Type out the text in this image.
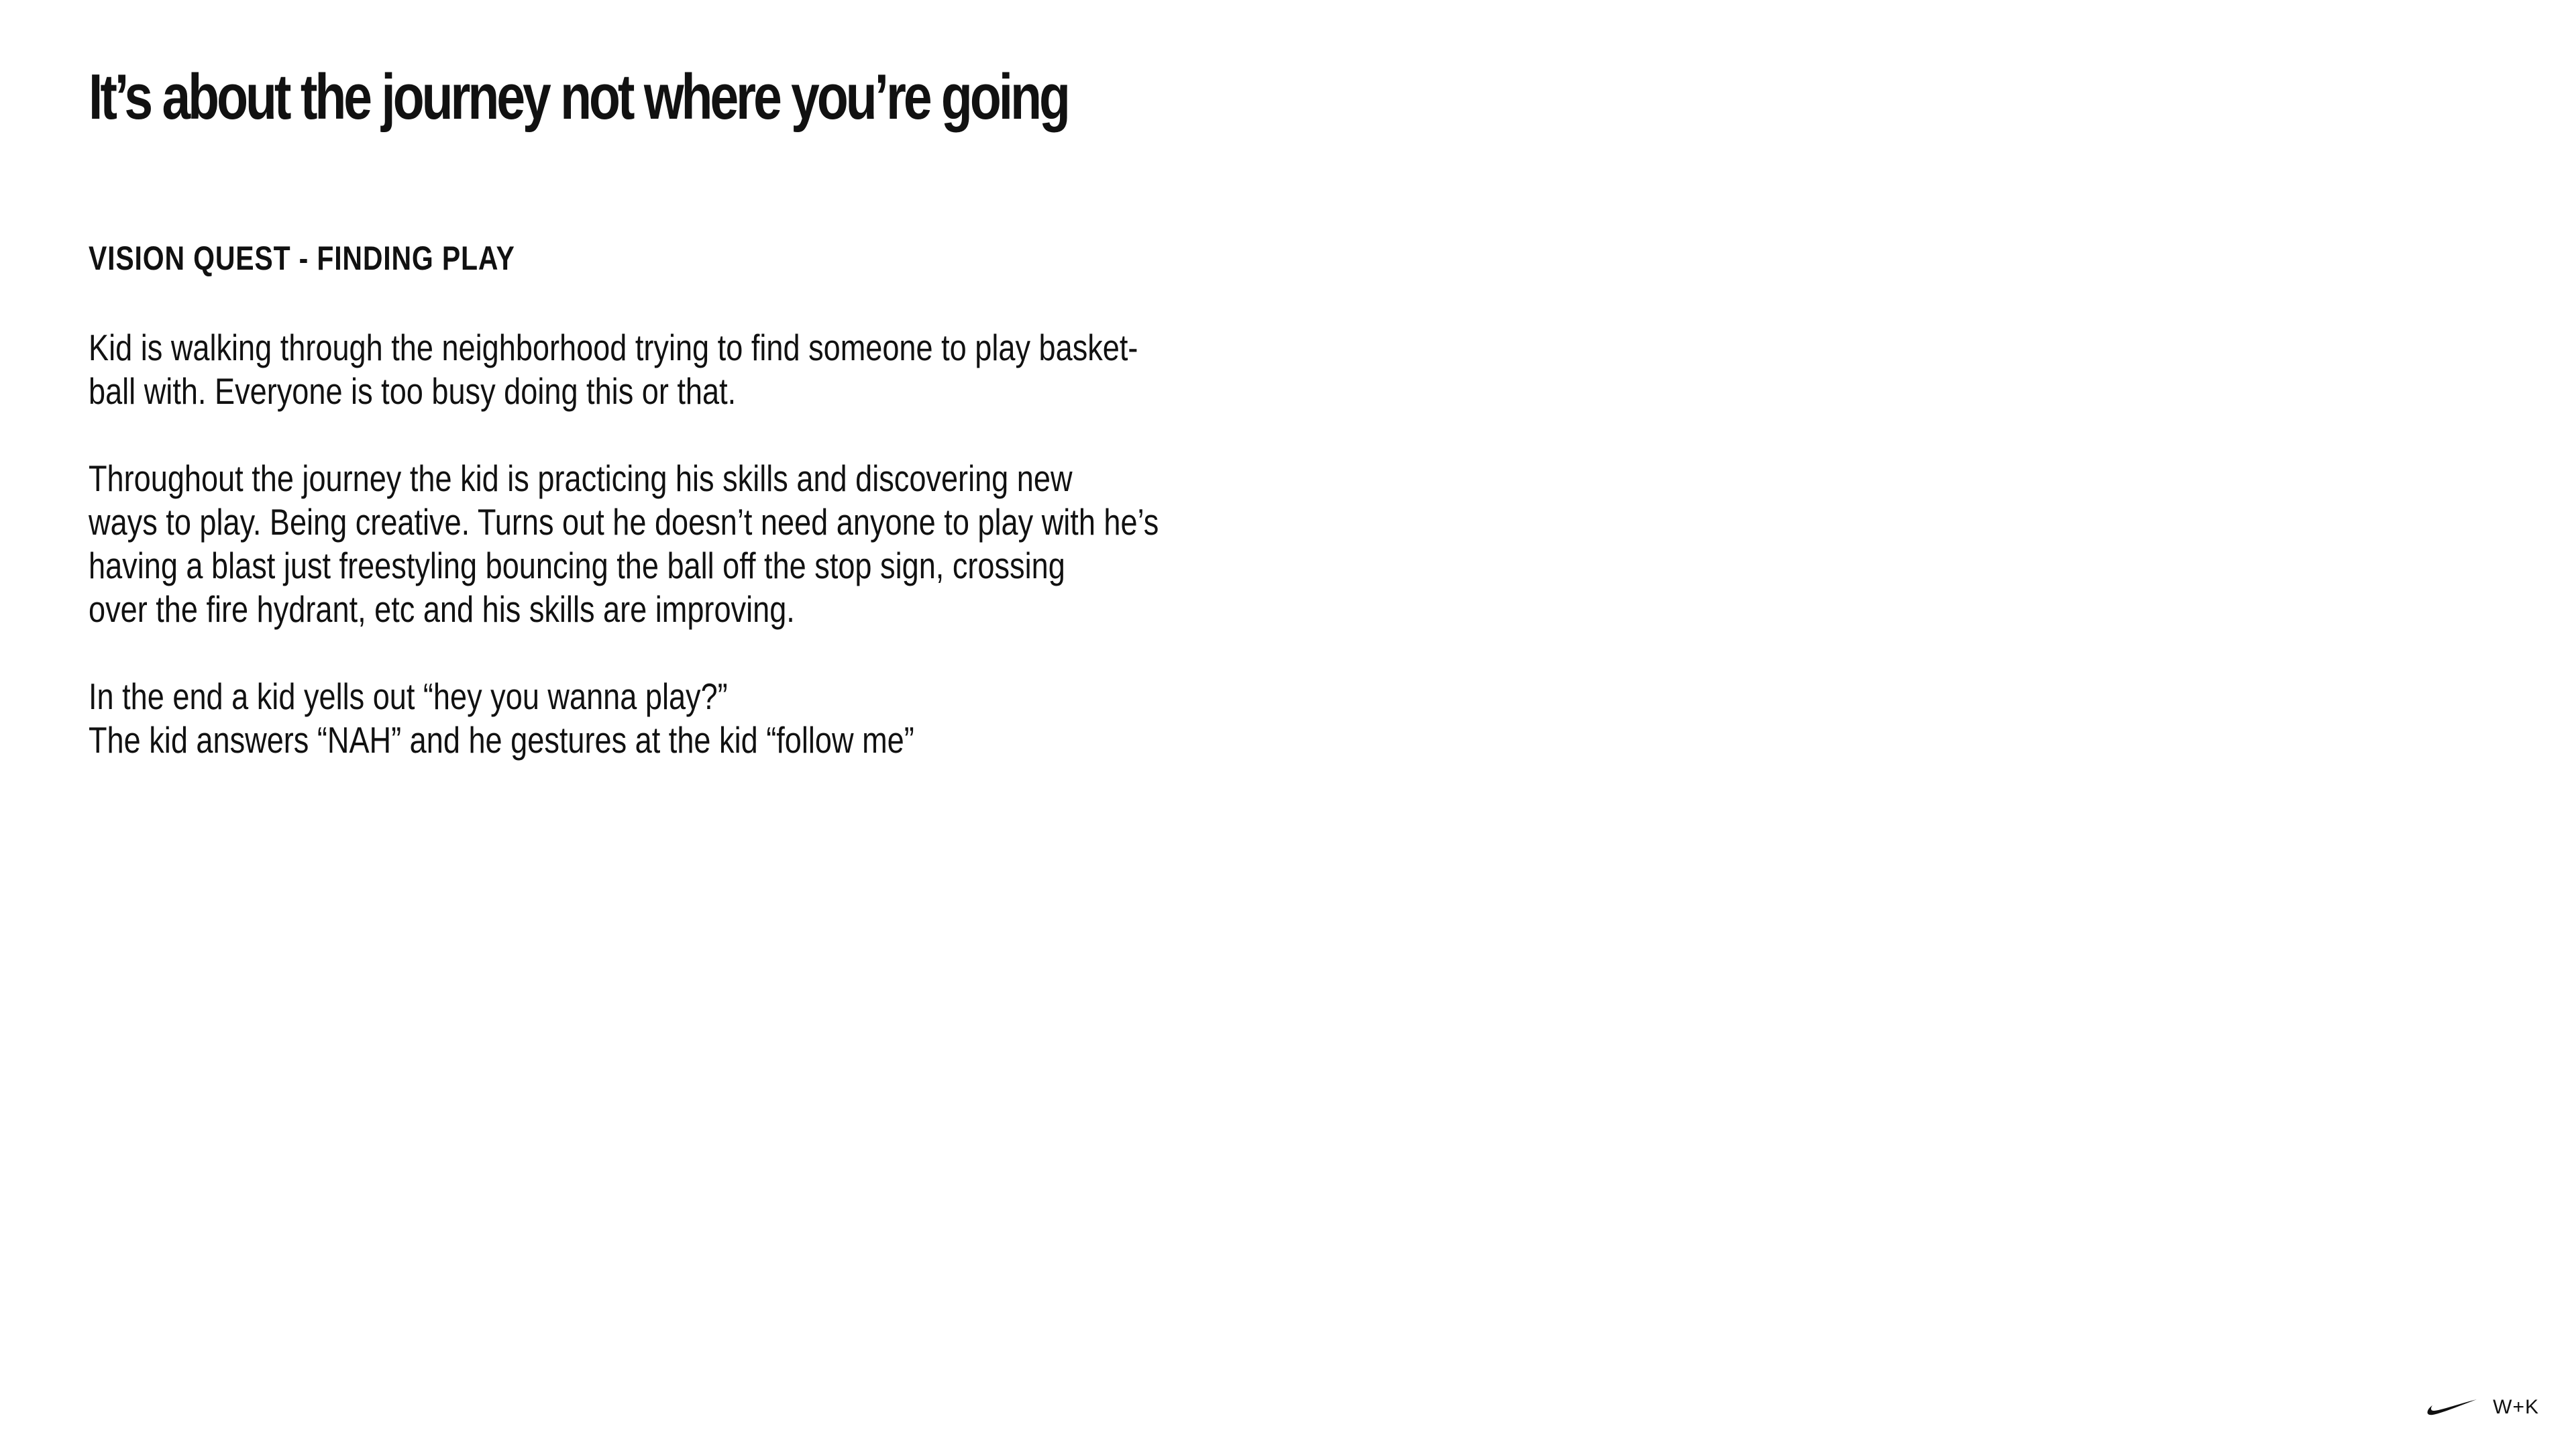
It’s about the journey not where you’re going
VISION QUEST - FINDING PLAY

Kid is walking through the neighborhood trying to find someone to play basket-
ball with. Everyone is too busy doing this or that.

Throughout the journey the kid is practicing his skills and discovering new
ways to play. Being creative. Turns out he doesn’t need anyone to play with he’s
having a blast just freestyling bouncing the ball off the stop sign, crossing
over the fire hydrant, etc and his skills are improving.

In the end a kid yells out “hey you wanna play?”
The kid answers “NAH” and he gestures at the kid “follow me”

W+K
